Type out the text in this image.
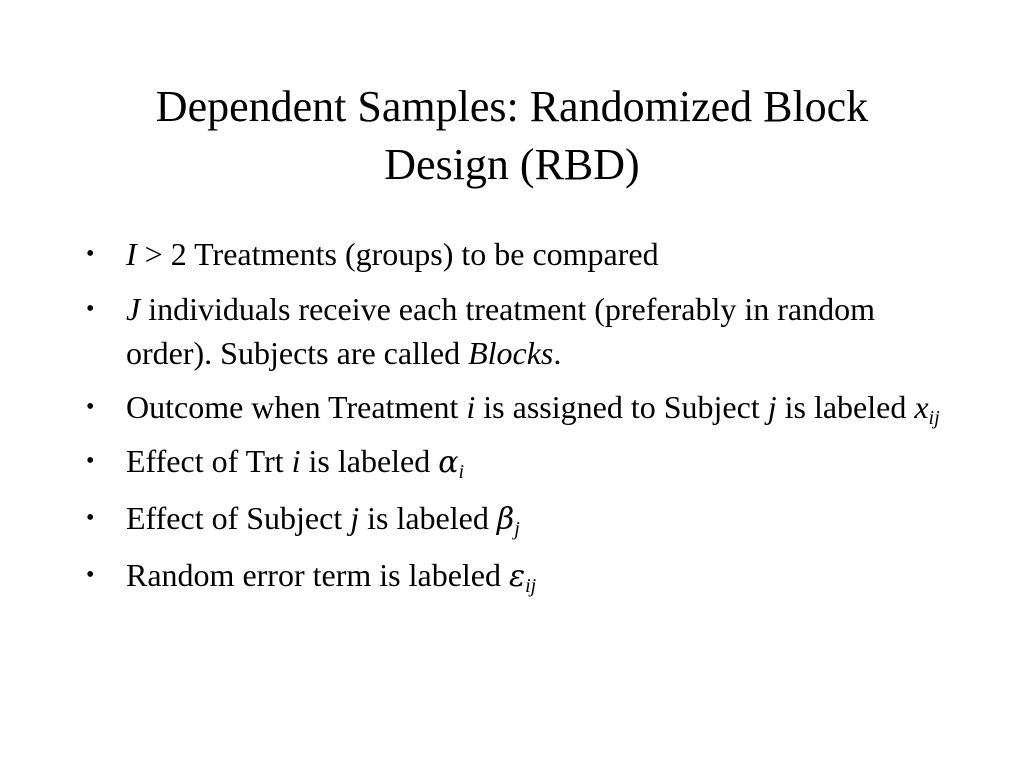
Dependent Samples: Randomized Block
Design (RBD)
• I > 2 Treatments (groups) to be compared
• J individuals receive each treatment (preferably in random order). Subjects are called Blocks.
• Outcome when Treatment i is assigned to Subject j is labeled $x_{ij}$
• Effect of Trt i is labeled $\alpha_i$
• Effect of Subject j is labeled $\beta_j$
• Random error term is labeled $\varepsilon_{ij}$
